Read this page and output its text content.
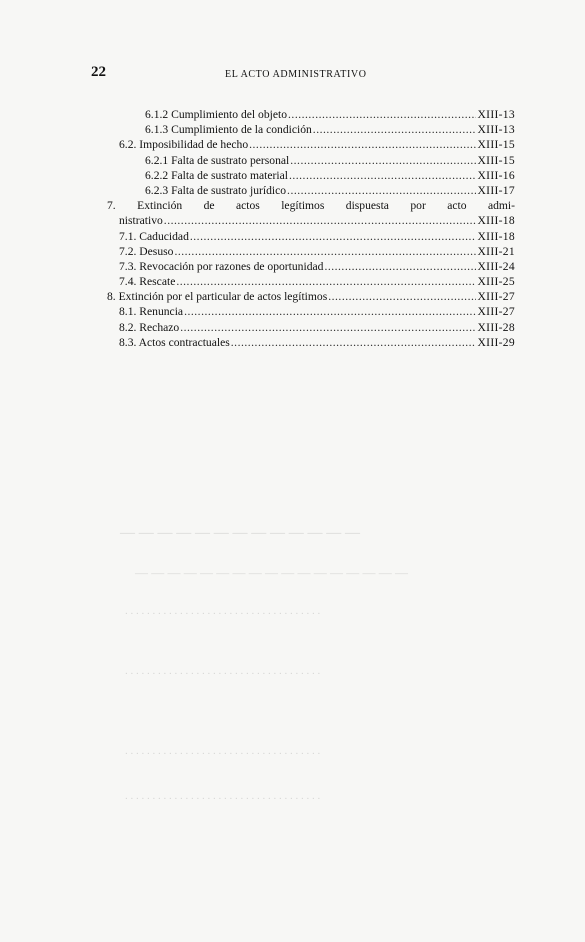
— — — — — — — — — — — — —
— — — — — — — — — — — — — — — — —
. . . . . . . . . . . . . . . . . . . . . . . . . . . . . . . . . . . .
. . . . . . . . . . . . . . . . . . . . . . . . . . . . . . . . . . . .
. . . . . . . . . . . . . . . . . . . . . . . . . . . . . . . . . . . .
. . . . . . . . . . . . . . . . . . . . . . . . . . . . . . . . . . . .
22	EL ACTO ADMINISTRATIVO
6.1.2 Cumplimiento del objeto .....	XIII-13
6.1.3 Cumplimiento de la condición .....	XIII-13
6.2. Imposibilidad de hecho .....	XIII-15
6.2.1 Falta de sustrato personal .....	XIII-15
6.2.2 Falta de sustrato material .....	XIII-16
6.2.3 Falta de sustrato jurídico .....	XIII-17
7. Extinción de actos legítimos dispuesta por acto admi-
nistrativo .....	XIII-18
7.1. Caducidad .....	XIII-18
7.2. Desuso .....	XIII-21
7.3. Revocación por razones de oportunidad .....	XIII-24
7.4. Rescate .....	XIII-25
8. Extinción por el particular de actos legítimos .....	XIII-27
8.1. Renuncia .....	XIII-27
8.2. Rechazo .....	XIII-28
8.3. Actos contractuales .....	XIII-29
